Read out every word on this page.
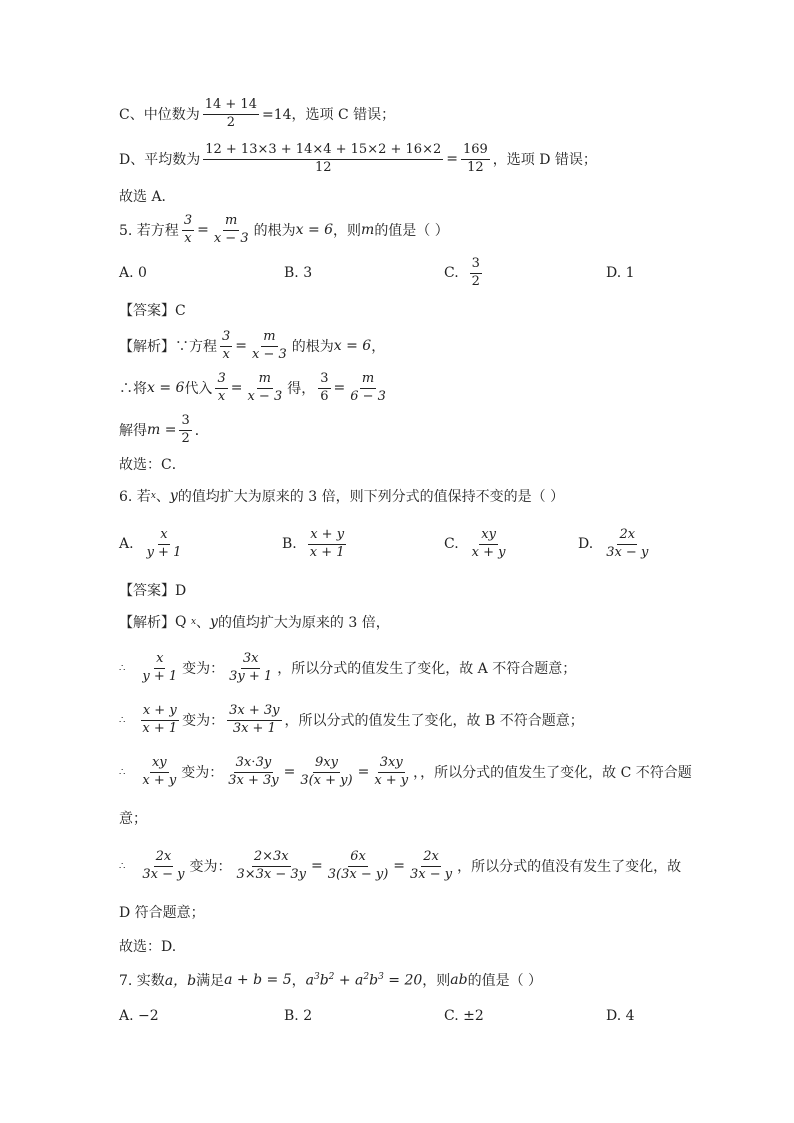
C、中位数为 $\frac{14 + 14}{2} =14$，选项 C 错误；
D、平均数为 $\frac{12 + 13\times 3 + 14\times 4 + 15\times 2 + 16\times 2}{12} = \frac{169}{12}$ ，选项 D 错误；
故选 A．
5. 若方程 $\frac{3}{x} = \frac{m}{x - 3}$ 的根为 x = 6 ，则 m 的值是（ ）
A. 0	B. 3	C. $\frac{3}{2}$	D. 1
【答案】C
【解析】 ∵方程 $\frac{3}{x} = \frac{m}{x - 3}$ 的根为 x = 6 ，
∴将 x = 6 代入 $\frac{3}{x} = \frac{m}{x - 3}$ 得， $\frac{3}{6} = \frac{m}{6 - 3}$
解得 $m = \frac{3}{2}$ ．
故选：C．
6. 若 x 、 y 的值均扩大为原来的 3 倍，则下列分式的值保持不变的是（ ）
A. $\frac{x}{y + 1}$	B. $\frac{x + y}{x + 1}$	C. $\frac{xy}{x + y}$	D. $\frac{2x}{3x - y}$
【答案】D
【解析】 Q
x 、 y 的值均扩大为原来的 3 倍，
∴ $\frac{x}{y + 1}$ 变为： $\frac{3x}{3y + 1}$ ，所以分式的值发生了变化，故 A 不符合题意；
∴ $\frac{x + y}{x + 1}$ 变为： $\frac{3x + 3y}{3x + 1}$ ，所以分式的值发生了变化，故 B 不符合题意；
∴ $\frac{xy}{x + y}$ 变为： $\frac{3x\cdot 3y}{3x + 3y} = \frac{9xy}{3(x + y)} = \frac{3xy}{x + y}$ ，，所以分式的值发生了变化，故 C 不符合题
意；
∴ $\frac{2x}{3x - y}$ 变为： $\frac{2\times 3x}{3\times 3x - 3y} = \frac{6x}{3(3x - y)} = \frac{2x}{3x - y}$ ，所以分式的值没有发生了变化，故
D 符合题意；
故选：D.
7. 实数 a，b 满足 a + b = 5 ， $a^3b^2 + a^2b^3 = 20$ ，则 ab 的值是（ ）
A. −2	B. 2	C. ±2	D. 4
